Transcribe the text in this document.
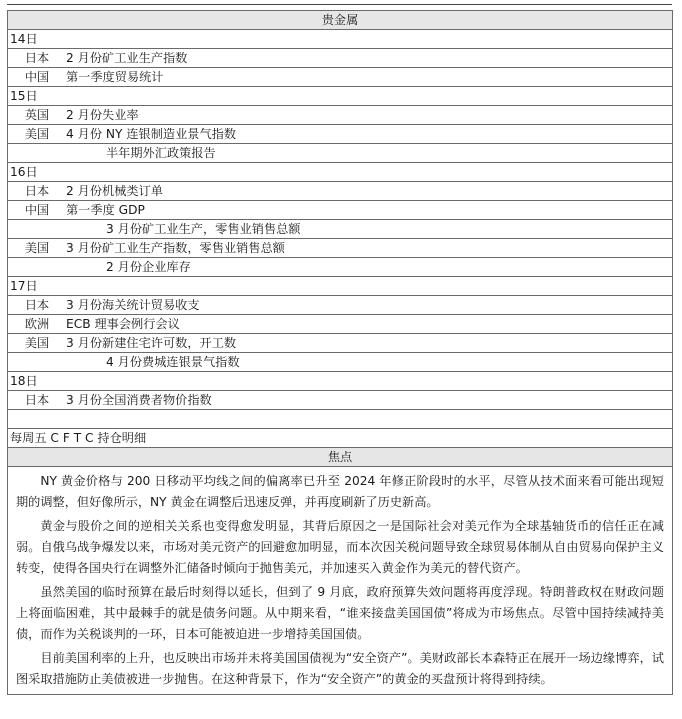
贵金属
14日
日本 2 月份矿工业生产指数
中国 第一季度贸易统计
15日
英国 2 月份失业率
美国 4 月份 NY 连银制造业景气指数
半年期外汇政策报告
16日
日本 2 月份机械类订单
中国 第一季度 GDP
3 月份矿工业生产，零售业销售总额
美国 3 月份矿工业生产指数，零售业销售总额
2 月份企业库存
17日
日本 3 月份海关统计贸易收支
欧洲 ECB 理事会例行会议
美国 3 月份新建住宅许可数，开工数
4 月份费城连银景气指数
18日
日本 3 月份全国消费者物价指数

每周五 C F T C 持仓明细
焦点

NY 黄金价格与 200 日移动平均线之间的偏离率已升至 2024 年修正阶段时的水平，尽管从技术面来看可能出现短期的调整，但好像所示，NY 黄金在调整后迅速反弹，并再度刷新了历史新高。

黄金与股价之间的逆相关关系也变得愈发明显，其背后原因之一是国际社会对美元作为全球基轴货币的信任正在减弱。自俄乌战争爆发以来，市场对美元资产的回避愈加明显，而本次因关税问题导致全球贸易体制从自由贸易向保护主义转变，使得各国央行在调整外汇储备时倾向于抛售美元，并加速买入黄金作为美元的替代资产。

虽然美国的临时预算在最后时刻得以延长，但到了 9 月底，政府预算失效问题将再度浮现。特朗普政权在财政问题上将面临困难，其中最棘手的就是债务问题。从中期来看，“谁来接盘美国国债”将成为市场焦点。尽管中国持续减持美债，而作为关税谈判的一环，日本可能被迫进一步增持美国国债。

目前美国利率的上升，也反映出市场并未将美国国债视为“安全资产”。美财政部长本森特正在展开一场边缘博弈，试图采取措施防止美债被进一步抛售。在这种背景下，作为“安全资产”的黄金的买盘预计将得到持续。
